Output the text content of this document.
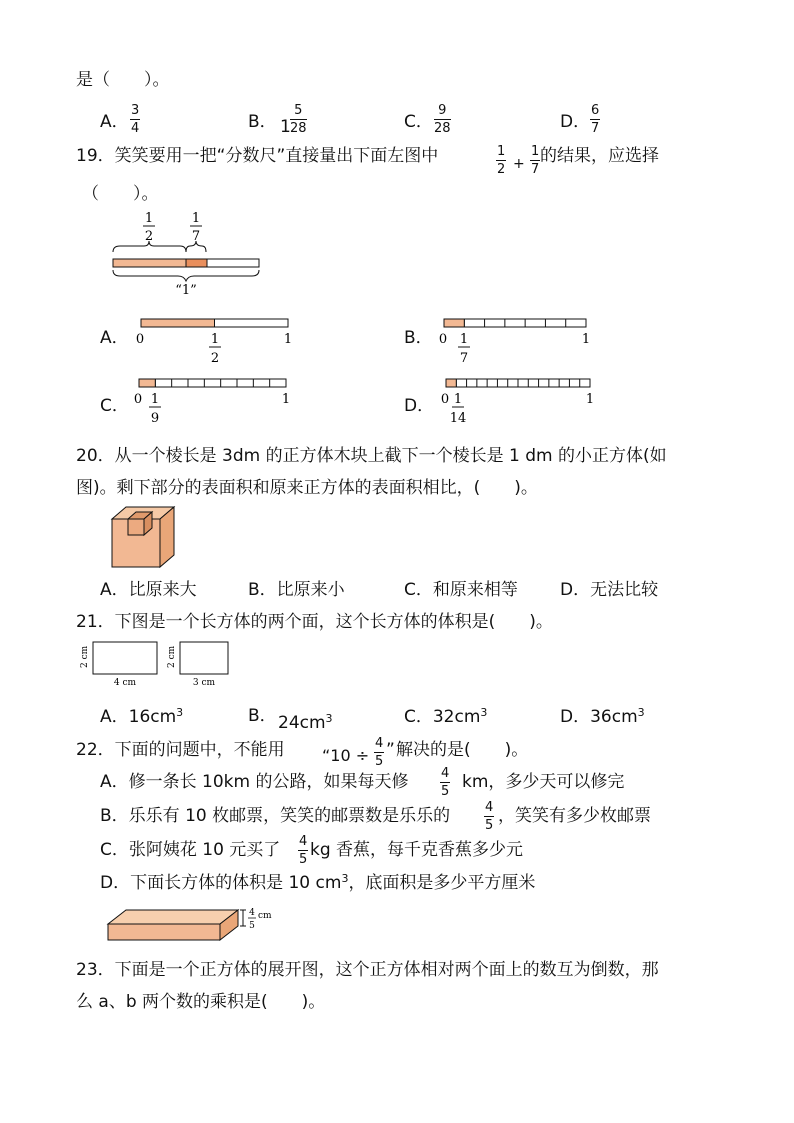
是（　　）。
A．
3
4	B． 1
5
28	C．
9
28	D．
6
7
19．笑笑要用一把“分数尺”直接量出下面左图中	1
2 +
1
7
的结果，应选择
（　　）。
1
2
1
7
“1”
A． 0	1
1
2
B． 0	1
1
7
C． 0	1
1
9
D． 0	1
1
14
20．从一个棱长是 3dm 的正方体木块上截下一个棱长是 1 dm 的小正方体(如
图)。剩下部分的表面积和原来正方体的表面积相比，(　　)。
A．比原来大	B．比原来小	C．和原来相等 D．无法比较
21．下图是一个长方体的两个面，这个长方体的体积是(　　)。
2 cm
4 cm
2 cm
3 cm
A．$16cm^3$	B． $24cm^3$	C．$32cm^3$	D．$36cm^3$
22．下面的问题中，不能用 “10 ÷
4
5
” 解决的是(　　)。
A．修一条长 10km 的公路，如果每天修	4
5 km，多少天可以修完
B．乐乐有 10 枚邮票，笑笑的邮票数是乐乐的	4
5 ，笑笑有多少枚邮票
C．张阿姨花 10 元买了 4
5 kg 香蕉，每千克香蕉多少元
D．下面长方体的体积是 10 $cm^3$，底面积是多少平方厘米
4
5
cm
23．下面是一个正方体的展开图，这个正方体相对两个面上的数互为倒数，那
么 a、b 两个数的乘积是(　　)。
